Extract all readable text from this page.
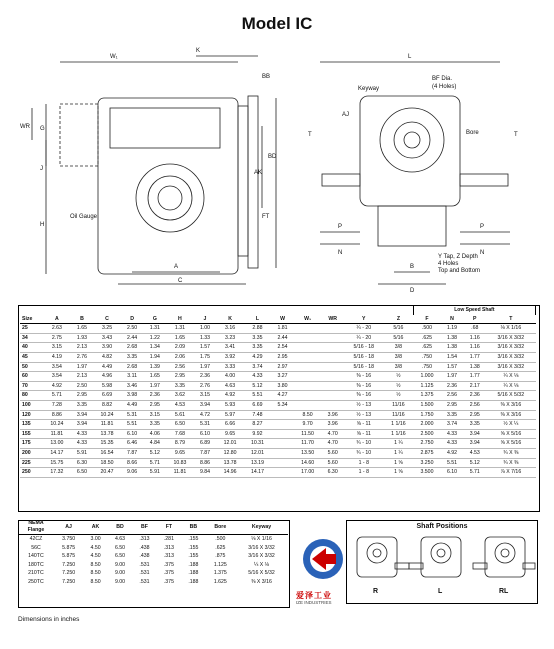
Model IC
W₁
K
BB
WR G
J
H
AK
BD
FT
Oil Gauge
A
C
L
Keyway
BF Dia.
(4 Holes)
AJ
Bore
T	T
P
N	N
P
Y Tap, Z Depth
4 Holes
Top and Bottom
B
D
															Low Speed Shaft			
Size	A	B	C	D	G	H	J	K	L	W	W₁	WR	Y	Z	F	N	P	T
25	2.63	1.65	3.25	2.50	1.31	1.31	1.00	3.16	2.88	1.81			¼ - 20	5/16	.500	1.19	.68	⅛ X 1/16
34	2.75	1.93	3.43	2.44	1.22	1.65	1.33	3.23	3.35	2.44			¼ - 20	5/16	.625	1.38	1.16	3/16 X 3/32
40	3.15	2.13	3.90	2.68	1.34	2.09	1.57	3.41	3.35	2.54			5/16 - 18	3/8	.625	1.38	1.16	3/16 X 3/32
45	4.19	2.76	4.82	3.35	1.94	2.06	1.75	3.92	4.29	2.95			5/16 - 18	3/8	.750	1.54	1.77	3/16 X 3/32
50	3.54	1.97	4.49	2.68	1.39	2.56	1.97	3.33	3.74	2.97			5/16 - 18	3/8	.750	1.57	1.38	3/16 X 3/32
60	3.54	2.13	4.96	3.11	1.65	2.95	2.36	4.00	4.33	3.27			⅜ - 16	½	1.000	1.97	1.77	¼ X ⅛
70	4.92	2.50	5.98	3.46	1.97	3.35	2.76	4.63	5.12	3.80			⅜ - 16	½	1.125	2.36	2.17	¼ X ⅛
80	5.71	2.95	6.69	3.98	2.36	3.62	3.15	4.92	5.51	4.27			⅜ - 16	½	1.375	2.56	2.36	5/16 X 5/32
100	7.28	3.35	8.82	4.49	2.95	4.53	3.94	5.93	6.69	5.34			½ - 13	11/16	1.500	2.95	2.56	⅜ X 3/16
120	8.86	3.94	10.24	5.31	3.15	5.61	4.72	5.97	7.48		8.50	3.96	½ - 13	11/16	1.750	3.35	2.95	⅜ X 3/16
135	10.24	3.94	11.81	5.51	3.35	6.50	5.31	6.66	8.27		9.70	3.96	⅝ - 11	1 1/16	2.000	3.74	3.35	½ X ¼
155	11.81	4.33	13.78	6.10	4.06	7.68	6.10	9.65	9.92		11.50	4.70	⅝ - 11	1 1/16	2.500	4.33	3.94	⅝ X 5/16
175	13.00	4.33	15.35	6.46	4.84	8.79	6.89	12.01	10.31		11.70	4.70	¾ - 10	1 ¼	2.750	4.33	3.94	⅝ X 5/16
200	14.17	5.91	16.54	7.87	5.12	9.65	7.87	12.80	12.01		13.50	5.60	¾ - 10	1 ¼	2.875	4.92	4.53	¾ X ⅜
225	15.75	6.30	18.50	8.66	5.71	10.83	8.86	13.78	13.19		14.60	5.60	1 - 8	1 ⅝	3.250	5.51	5.12	¾ X ⅜
250	17.32	6.50	20.47	9.06	5.91	11.81	9.84	14.96	14.17		17.00	6.30	1 - 8	1 ⅝	3.500	6.10	5.71	⅞ X 7/16
NEMA
Flange	AJ	AK	BD	BF	FT	BB	Bore	Keyway
42CZ	3.750	3.00	4.63	.313	.281	.155	.500	⅛ X 1/16
56C	5.875	4.50	6.50	.438	.313	.155	.625	3/16 X 3/32
140TC	5.875	4.50	6.50	.438	.313	.155	.875	3/16 X 3/32
180TC	7.250	8.50	9.00	.531	.375	.188	1.125	¼ X ⅛
210TC	7.250	8.50	9.00	.531	.375	.188	1.375	5/16 X 5/32
250TC	7.250	8.50	9.00	.531	.375	.188	1.625	⅜ X 3/16
爱泽工业
IZE INDUSTRIES
Shaft Positions
R	L	RL
Dimensions in inches
